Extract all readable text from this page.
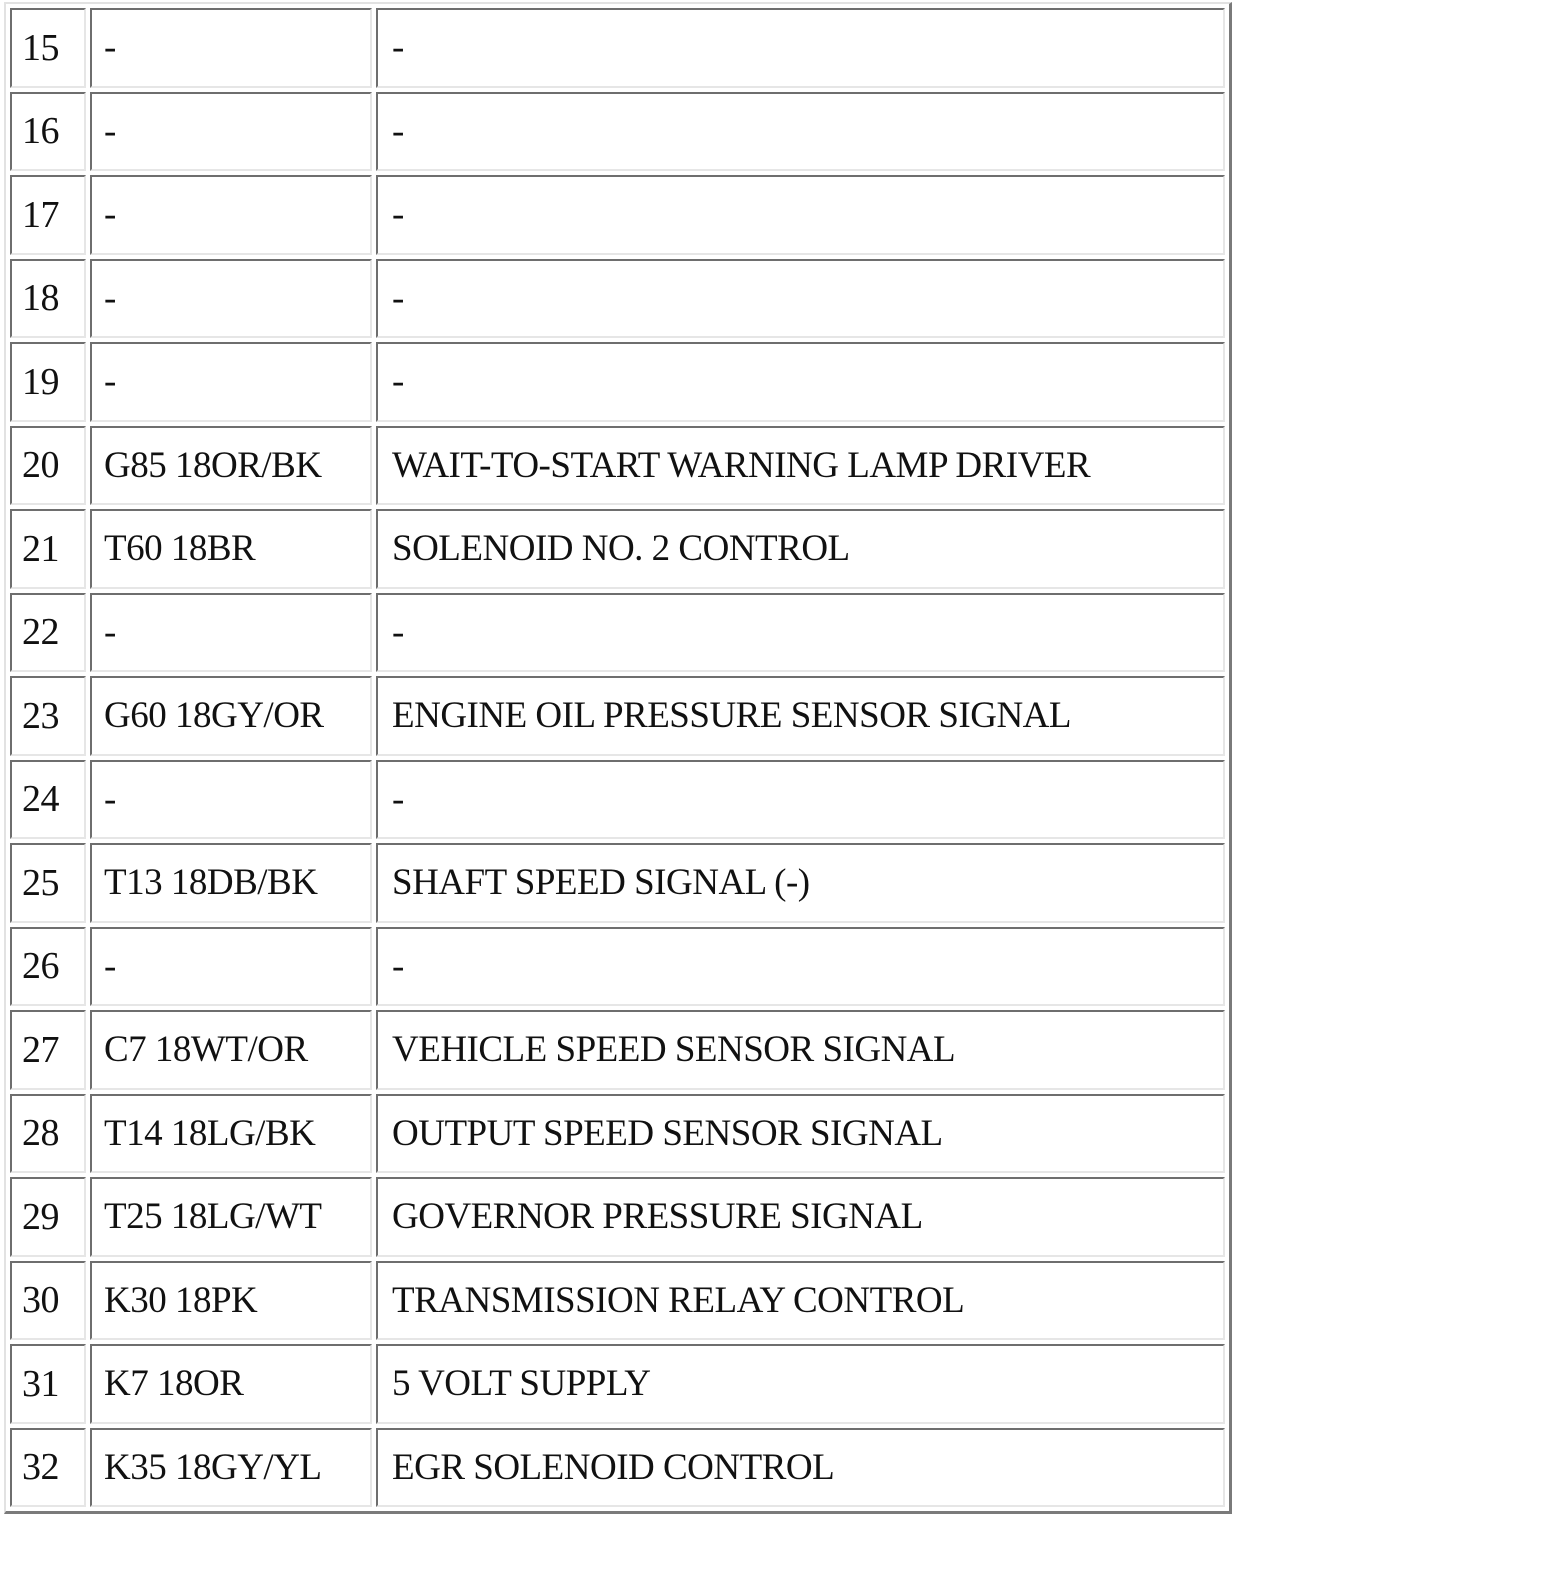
15	-	-
16	-	-
17	-	-
18	-	-
19	-	-
20	G85 18OR/BK	WAIT-TO-START WARNING LAMP DRIVER
21	T60 18BR	SOLENOID NO. 2 CONTROL
22	-	-
23	G60 18GY/OR	ENGINE OIL PRESSURE SENSOR SIGNAL
24	-	-
25	T13 18DB/BK	SHAFT SPEED SIGNAL (-)
26	-	-
27	C7 18WT/OR	VEHICLE SPEED SENSOR SIGNAL
28	T14 18LG/BK	OUTPUT SPEED SENSOR SIGNAL
29	T25 18LG/WT	GOVERNOR PRESSURE SIGNAL
30	K30 18PK	TRANSMISSION RELAY CONTROL
31	K7 18OR	5 VOLT SUPPLY
32	K35 18GY/YL	EGR SOLENOID CONTROL
